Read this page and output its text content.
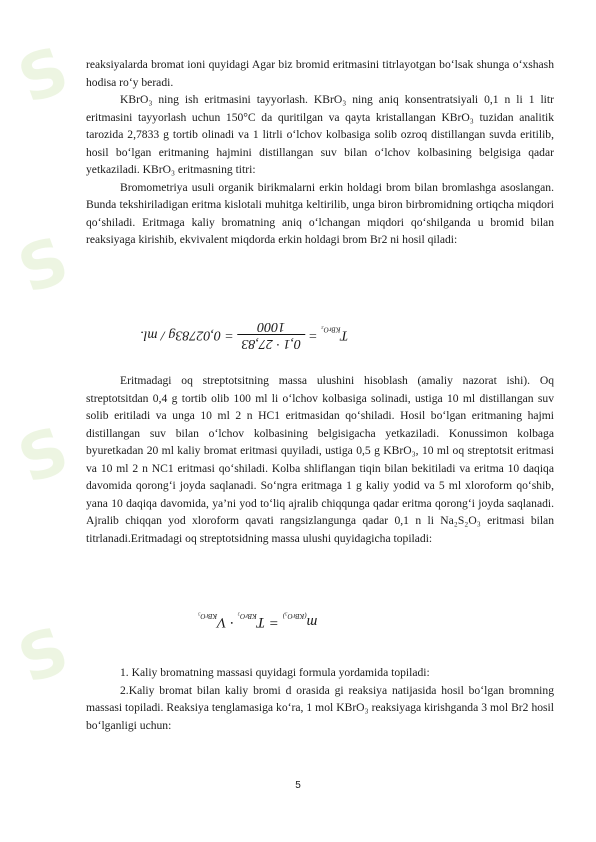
S
S
S
S

reaksiyalarda bromat ioni quyidagi Agar biz bromid eritmasini titrlayotgan bo‘lsak shunga o‘xshash hodisa ro‘y beradi.

KBrO₃ ning ish eritmasini tayyorlash. KBrO₃ ning aniq konsentratsiyali 0,1 n li 1 litr eritmasini tayyorlash uchun 150°C da quritilgan va qayta kristallangan KBrO₃ tuzidan analitik tarozida 2,7833 g tortib olinadi va 1 litrli o‘lchov kolbasiga solib ozroq distillangan suvda eritilib, hosil bo‘lgan eritmaning hajmini distillangan suv bilan o‘lchov kolbasining belgisiga qadar yetkaziladi. KBrO₃ eritmasning titri:

Bromometriya usuli organik birikmalarni erkin holdagi brom bilan bromlashga asoslangan. Bunda tekshiriladigan eritma kislotali muhitga keltirilib, unga biron birbromidning ortiqcha miqdori qo‘shiladi. Eritmaga kaliy bromatning aniq o‘lchangan miqdori qo‘shilganda u bromid bilan reaksiyaga kirishib, ekvivalent miqdorda erkin holdagi brom Br2 ni hosil qiladi:

$T_{KBrO_3}$ =
0,1 · 27,83
1000
= 0,02783g / ml.

Eritmadagi oq streptotsitning massa ulushini hisoblash (amaliy nazorat ishi). Oq streptotsitdan 0,4 g tortib olib 100 ml li o‘lchov kolbasiga solinadi, ustiga 10 ml distillangan suv solib eritiladi va unga 10 ml 2 n HC1 eritmasidan qo‘shiladi. Hosil bo‘lgan eritmaning hajmi distillangan suv bilan o‘lchov kolbasining belgisigacha yetkaziladi. Konussimon kolbaga byuretkadan 20 ml kaliy bromat eritmasi quyiladi, ustiga 0,5 g KBrO₃, 10 ml oq streptotsit eritmasi va 10 ml 2 n NC1 eritmasi qo‘shiladi. Kolba shliflangan tiqin bilan bekitiladi va eritma 10 daqiqa davomida qorong‘i joyda saqlanadi. So‘ngra eritmaga 1 g kaliy yodid va 5 ml xloroform qo‘shib, yana 10 daqiqa davomida, ya’ni yod to‘liq ajralib chiqqunga qadar eritma qorong‘i joyda saqlanadi. Ajralib chiqqan yod xloroform qavati rangsizlangunga qadar 0,1 n li Na₂S₂O₃ eritmasi bilan titrlanadi.Eritmadagi oq streptotsidning massa ulushi quyidagicha topiladi:

$m_{(KBrO_3)} = T_{KBrO_3} \cdot V_{KBrO_3}$

1. Kaliy bromatning massasi quyidagi formula yordamida topiladi:

2.Kaliy bromat bilan kaliy bromi d orasida gi reaksiya natijasida hosil bo‘lgan bromning massasi topiladi. Reaksiya tenglamasiga ko‘ra, 1 mol KBrO₃ reaksiyaga kirishganda 3 mol Br2 hosil bo‘lganligi uchun:

5
